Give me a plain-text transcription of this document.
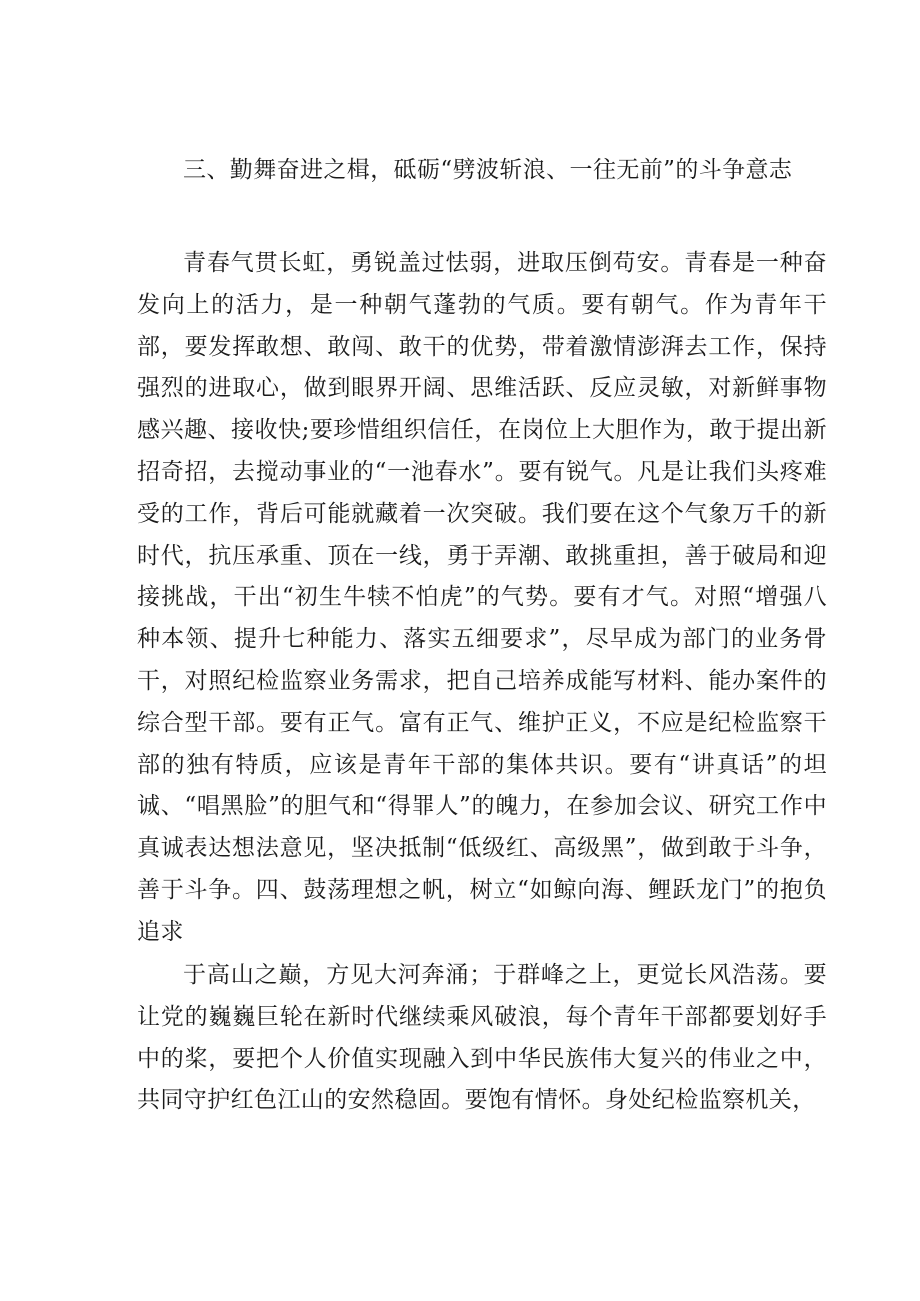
三、勤舞奋进之楫，砥砺“劈波斩浪、一往无前”的斗争意志

青春气贯长虹，勇锐盖过怯弱，进取压倒苟安。青春是一种奋发向上的活力，是一种朝气蓬勃的气质。要有朝气。作为青年干部，要发挥敢想、敢闯、敢干的优势，带着激情澎湃去工作，保持强烈的进取心，做到眼界开阔、思维活跃、反应灵敏，对新鲜事物感兴趣、接收快;要珍惜组织信任，在岗位上大胆作为，敢于提出新招奇招，去搅动事业的“一池春水”。要有锐气。凡是让我们头疼难受的工作，背后可能就藏着一次突破。我们要在这个气象万千的新时代，抗压承重、顶在一线，勇于弄潮、敢挑重担，善于破局和迎接挑战，干出“初生牛犊不怕虎”的气势。要有才气。对照“增强八种本领、提升七种能力、落实五细要求”，尽早成为部门的业务骨干，对照纪检监察业务需求，把自己培养成能写材料、能办案件的综合型干部。要有正气。富有正气、维护正义，不应是纪检监察干部的独有特质，应该是青年干部的集体共识。要有“讲真话”的坦诚、“唱黑脸”的胆气和“得罪人”的魄力，在参加会议、研究工作中真诚表达想法意见，坚决抵制“低级红、高级黑”，做到敢于斗争，善于斗争。四、鼓荡理想之帆，树立“如鲸向海、鲤跃龙门”的抱负追求

于高山之巅，方见大河奔涌；于群峰之上，更觉长风浩荡。要让党的巍巍巨轮在新时代继续乘风破浪，每个青年干部都要划好手中的桨，要把个人价值实现融入到中华民族伟大复兴的伟业之中，共同守护红色江山的安然稳固。要饱有情怀。身处纪检监察机关，
